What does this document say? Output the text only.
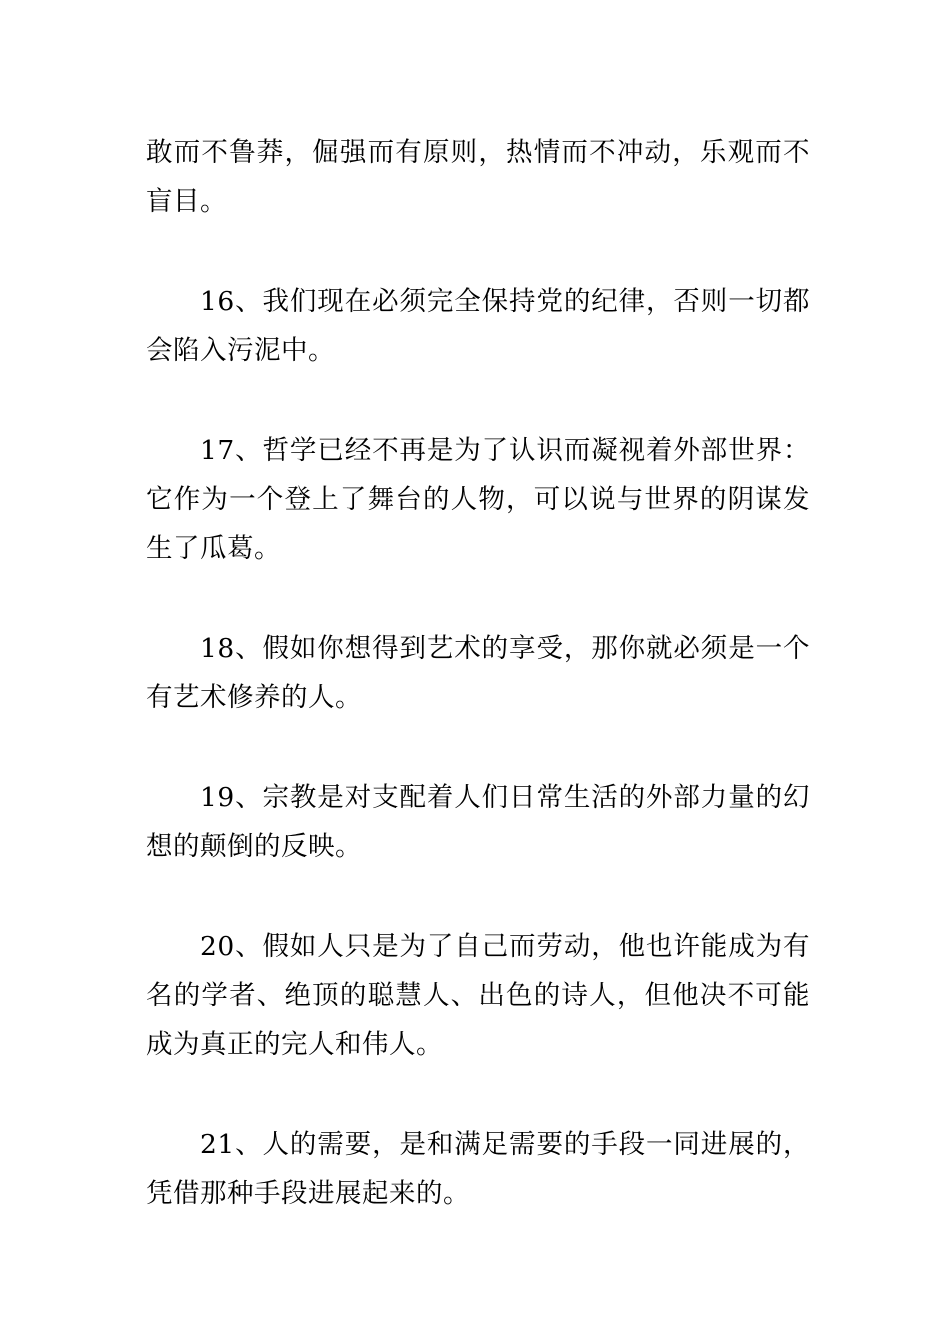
敢而不鲁莽，倔强而有原则，热情而不冲动，乐观而不盲目。

16、我们现在必须完全保持党的纪律，否则一切都会陷入污泥中。

17、哲学已经不再是为了认识而凝视着外部世界：它作为一个登上了舞台的人物，可以说与世界的阴谋发生了瓜葛。

18、假如你想得到艺术的享受，那你就必须是一个有艺术修养的人。

19、宗教是对支配着人们日常生活的外部力量的幻想的颠倒的反映。

20、假如人只是为了自己而劳动，他也许能成为有名的学者、绝顶的聪慧人、出色的诗人，但他决不可能成为真正的完人和伟人。

21、人的需要，是和满足需要的手段一同进展的，凭借那种手段进展起来的。
